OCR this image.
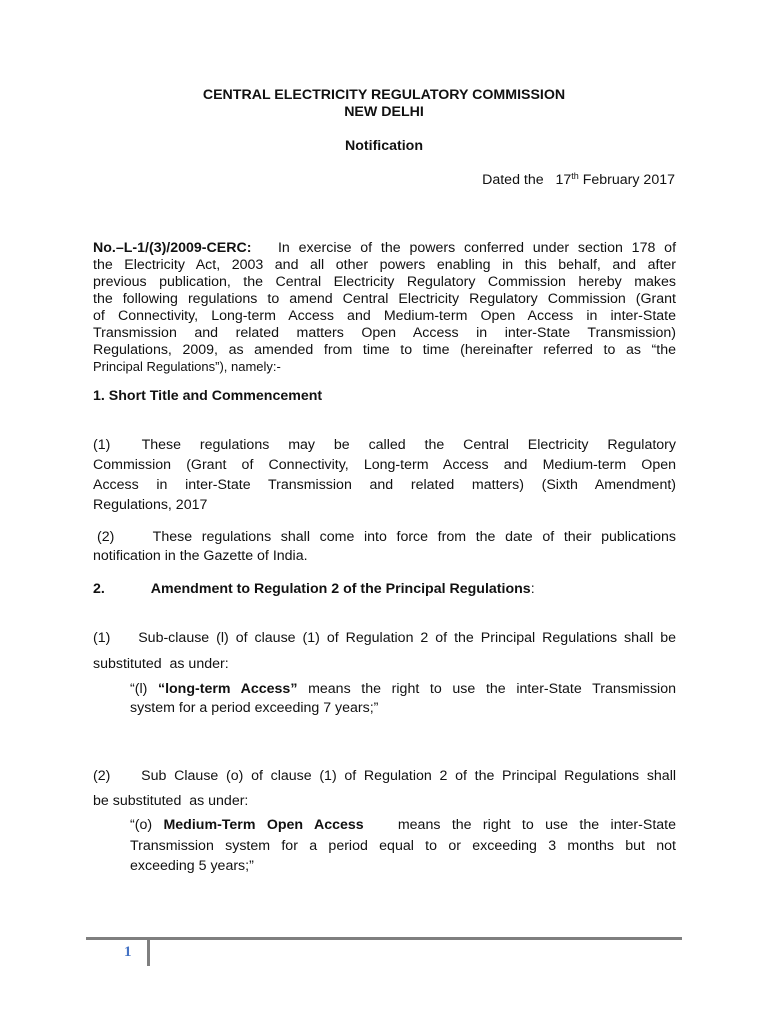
CENTRAL ELECTRICITY REGULATORY COMMISSION
NEW DELHI
Notification
Dated the 17th February 2017
No.–L-1/(3)/2009-CERC: In exercise of the powers conferred under section 178 of
the Electricity Act, 2003 and all other powers enabling in this behalf, and after
previous publication, the Central Electricity Regulatory Commission hereby makes
the following regulations to amend Central Electricity Regulatory Commission (Grant
of Connectivity, Long-term Access and Medium-term Open Access in inter-State
Transmission and related matters Open Access in inter-State Transmission)
Regulations, 2009, as amended from time to time (hereinafter referred to as “the
Principal Regulations”), namely:-
1. Short Title and Commencement
(1)     These   regulations   may   be   called   the   Central   Electricity   Regulatory
Commission (Grant of Connectivity, Long-term Access and Medium-term Open
Access  in  inter-State  Transmission  and  related  matters)  (Sixth  Amendment)
Regulations, 2017
(2)    These regulations shall come into force from the date of their publications
notification in the Gazette of India.
2.	Amendment to Regulation 2 of the Principal Regulations:
(1)    Sub-clause (l) of clause (1) of Regulation 2 of the Principal Regulations shall be
substituted  as under:
“(l) “long-term Access” means the right to use the inter-State Transmission
system for a period exceeding 7 years;”
(2)    Sub Clause (o) of clause (1) of Regulation 2 of the Principal Regulations shall
be substituted  as under:
“(o) Medium-Term Open Access   means the right to use the inter-State
Transmission  system  for  a  period  equal  to  or  exceeding  3  months  but  not
exceeding 5 years;”
1
